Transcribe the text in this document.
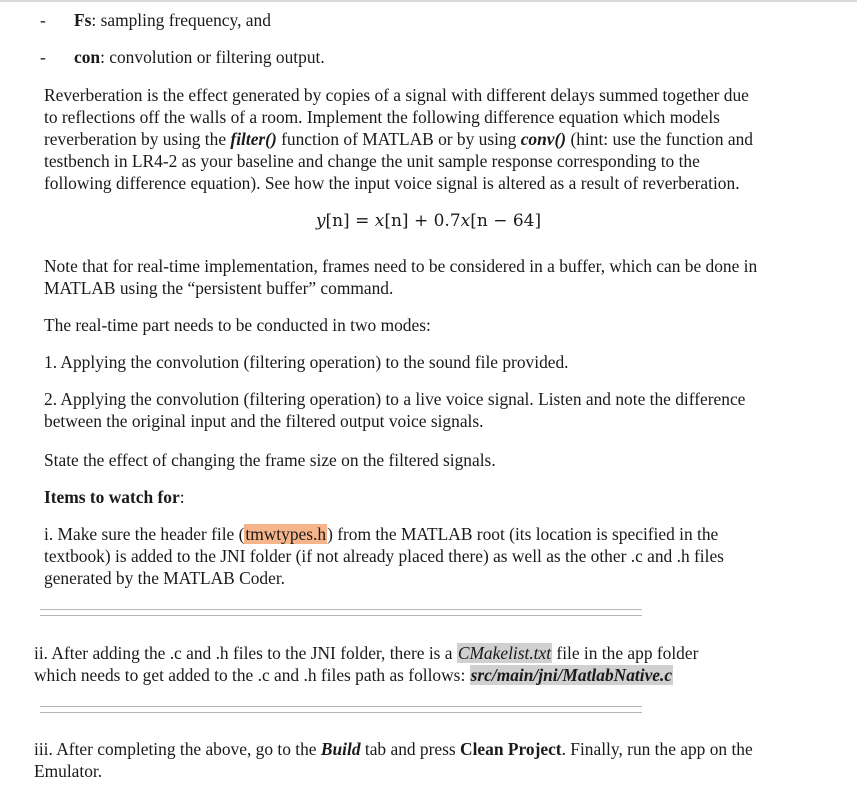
- Fs: sampling frequency, and
- con: convolution or filtering output.

Reverberation is the effect generated by copies of a signal with different delays summed together due

to reflections off the walls of a room. Implement the following difference equation which models

reverberation by using the filter() function of MATLAB or by using conv() (hint: use the function and

testbench in LR4-2 as your baseline and change the unit sample response corresponding to the

following difference equation). See how the input voice signal is altered as a result of reverberation.

y[n] = x[n] + 0.7x[n − 64]

Note that for real-time implementation, frames need to be considered in a buffer, which can be done in

MATLAB using the “persistent buffer” command.

The real-time part needs to be conducted in two modes:
1. Applying the convolution (filtering operation) to the sound file provided.

2. Applying the convolution (filtering operation) to a live voice signal. Listen and note the difference

between the original input and the filtered output voice signals.

State the effect of changing the frame size on the filtered signals.
Items to watch for:

i. Make sure the header file (tmwtypes.h) from the MATLAB root (its location is specified in the

textbook) is added to the JNI folder (if not already placed there) as well as the other .c and .h files

generated by the MATLAB Coder.

ii. After adding the .c and .h files to the JNI folder, there is a CMakelist.txt file in the app folder

which needs to get added to the .c and .h files path as follows: src/main/jni/MatlabNative.c

iii. After completing the above, go to the Build tab and press Clean Project. Finally, run the app on the

Emulator.
